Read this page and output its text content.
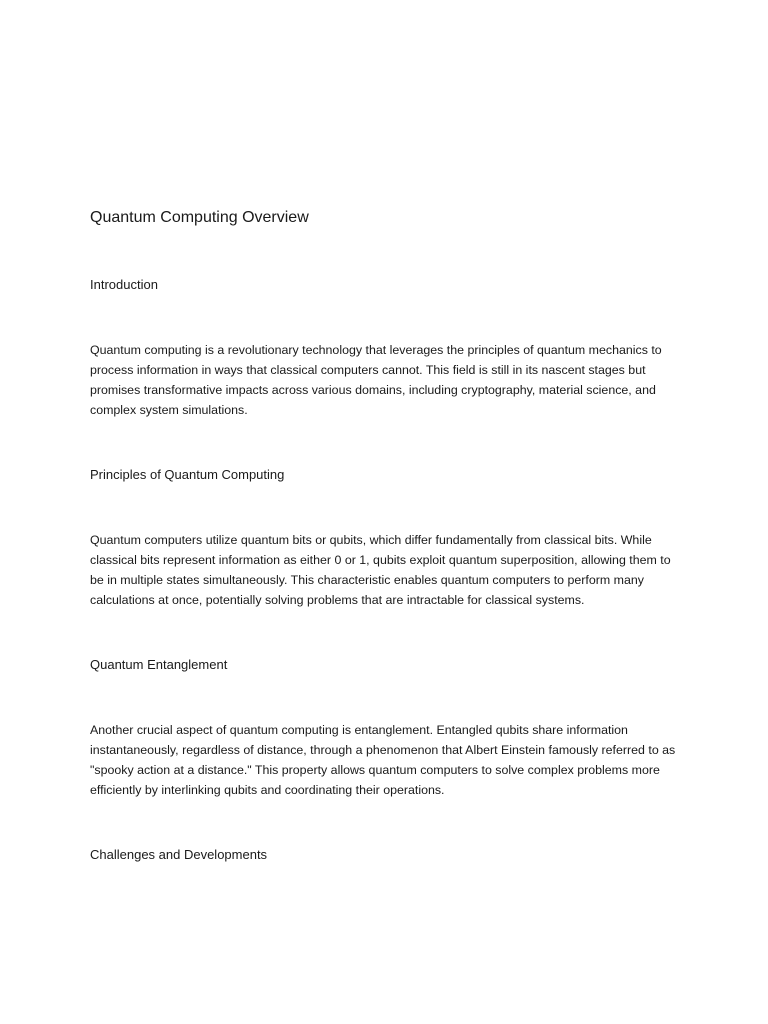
Quantum Computing Overview
Introduction

Quantum computing is a revolutionary technology that leverages the principles of quantum mechanics to process information in ways that classical computers cannot. This field is still in its nascent stages but promises transformative impacts across various domains, including cryptography, material science, and complex system simulations.

Principles of Quantum Computing

Quantum computers utilize quantum bits or qubits, which differ fundamentally from classical bits. While classical bits represent information as either 0 or 1, qubits exploit quantum superposition, allowing them to be in multiple states simultaneously. This characteristic enables quantum computers to perform many calculations at once, potentially solving problems that are intractable for classical systems.

Quantum Entanglement

Another crucial aspect of quantum computing is entanglement. Entangled qubits share information instantaneously, regardless of distance, through a phenomenon that Albert Einstein famously referred to as "spooky action at a distance." This property allows quantum computers to solve complex problems more efficiently by interlinking qubits and coordinating their operations.

Challenges and Developments
